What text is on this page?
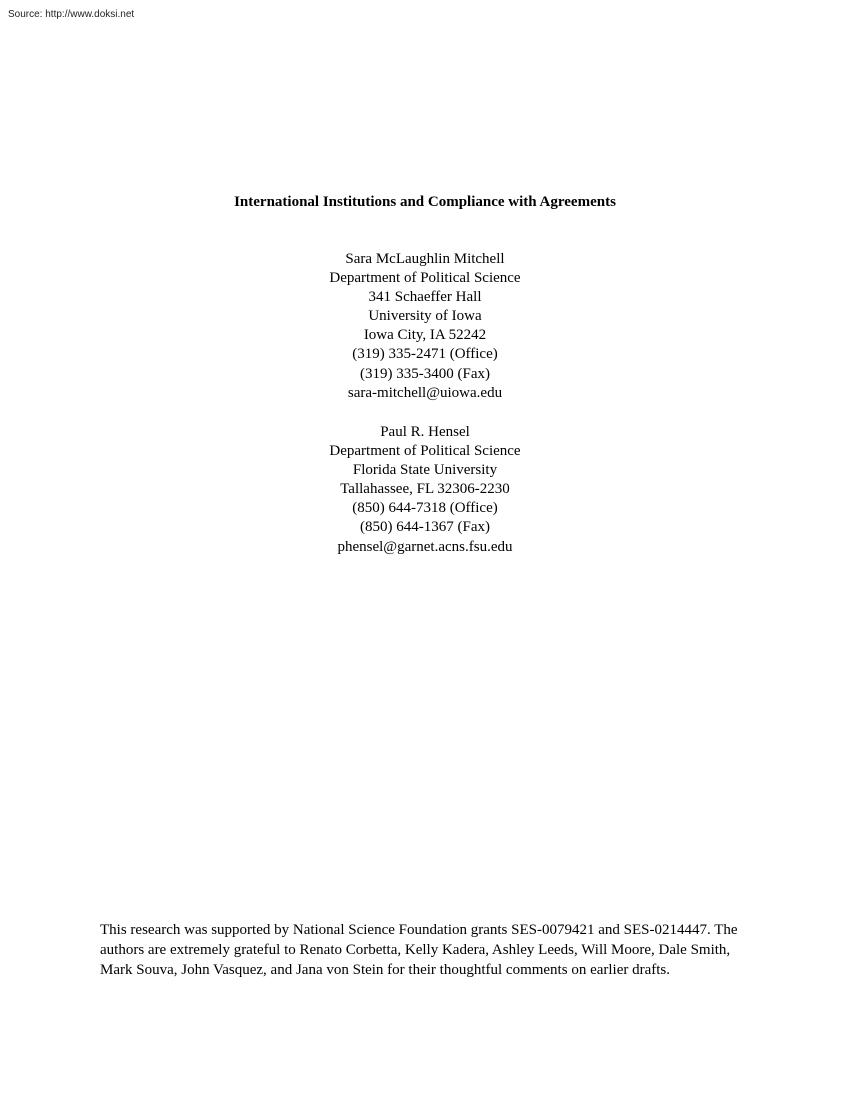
Source: http://www.doksi.net
International Institutions and Compliance with Agreements
Sara McLaughlin Mitchell
Department of Political Science
341 Schaeffer Hall
University of Iowa
Iowa City, IA 52242
(319) 335-2471 (Office)
(319) 335-3400 (Fax)
sara-mitchell@uiowa.edu
Paul R. Hensel
Department of Political Science
Florida State University
Tallahassee, FL 32306-2230
(850) 644-7318 (Office)
(850) 644-1367 (Fax)
phensel@garnet.acns.fsu.edu
This research was supported by National Science Foundation grants SES-0079421 and SES-0214447. The authors are extremely grateful to Renato Corbetta, Kelly Kadera, Ashley Leeds, Will Moore, Dale Smith, Mark Souva, John Vasquez, and Jana von Stein for their thoughtful comments on earlier drafts.
